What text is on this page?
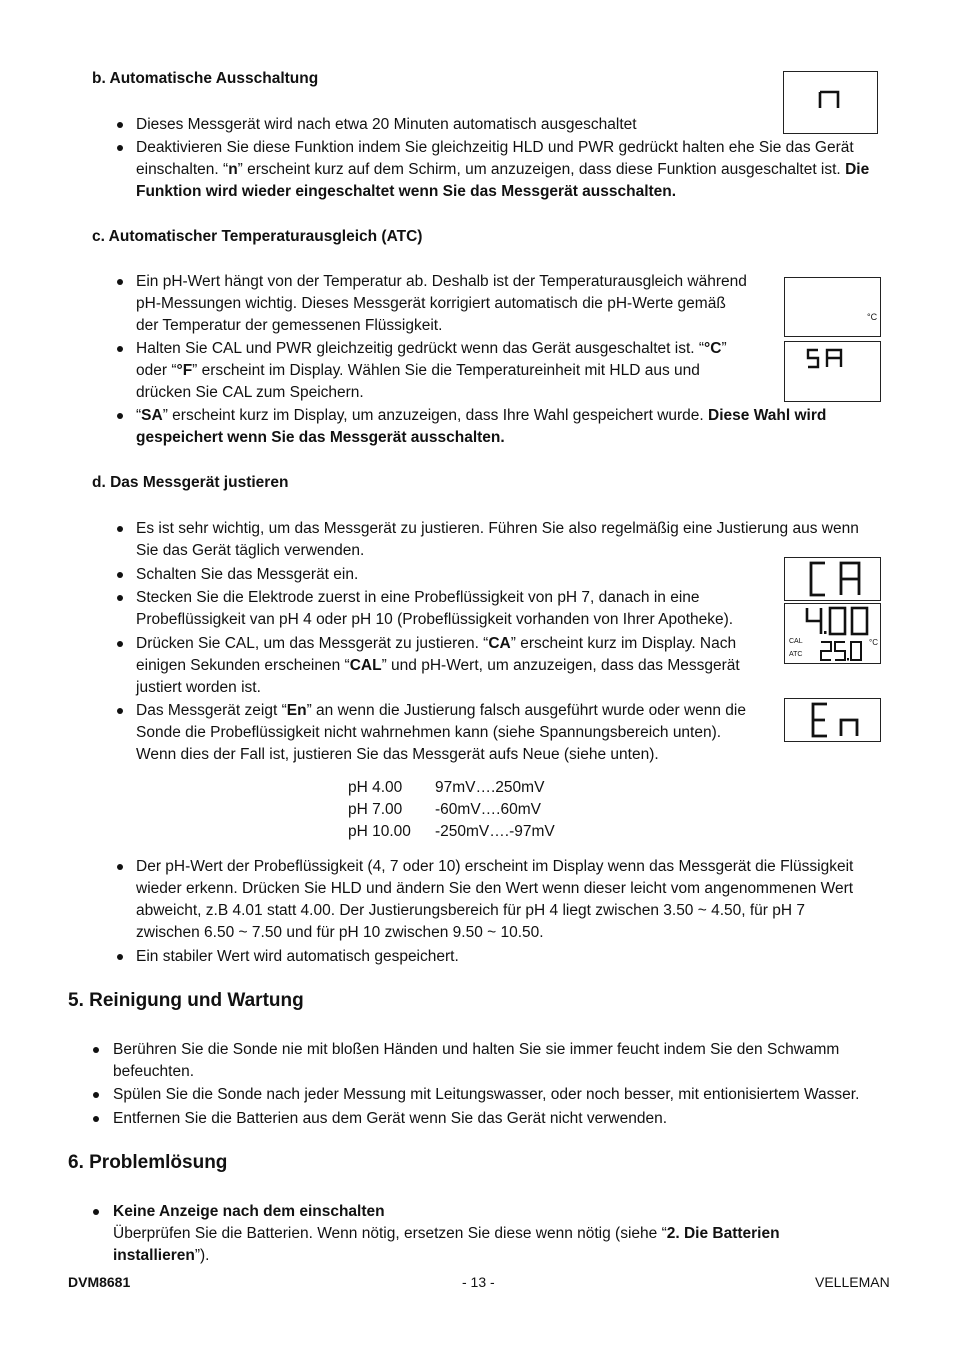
b. Automatische Ausschaltung
Dieses Messgerät wird nach etwa 20 Minuten automatisch ausgeschaltet
Deaktivieren Sie diese Funktion indem Sie gleichzeitig HLD und PWR gedrückt halten ehe Sie das Gerät
einschalten. “n” erscheint kurz auf dem Schirm, um anzuzeigen, dass diese Funktion ausgeschaltet ist. Die
Funktion wird wieder eingeschaltet wenn Sie das Messgerät ausschalten.
c. Automatischer Temperaturausgleich (ATC)
Ein pH-Wert hängt von der Temperatur ab. Deshalb ist der Temperaturausgleich während
pH-Messungen wichtig. Dieses Messgerät korrigiert automatisch die pH-Werte gemäß
der Temperatur der gemessenen Flüssigkeit.
Halten Sie CAL und PWR gleichzeitig gedrückt wenn das Gerät ausgeschaltet ist. “°C”
oder “°F” erscheint im Display. Wählen Sie die Temperatureinheit mit HLD aus und
drücken Sie CAL zum Speichern.
“SA” erscheint kurz im Display, um anzuzeigen, dass Ihre Wahl gespeichert wurde. Diese Wahl wird
gespeichert wenn Sie das Messgerät ausschalten.
°C
d. Das Messgerät justieren
Es ist sehr wichtig, um das Messgerät zu justieren. Führen Sie also regelmäßig eine Justierung aus wenn
Sie das Gerät täglich verwenden.
Schalten Sie das Messgerät ein.
Stecken Sie die Elektrode zuerst in eine Probeflüssigkeit von pH 7, danach in eine
Probeflüssigkeit van pH 4 oder pH 10 (Probeflüssigkeit vorhanden von Ihrer Apotheke).
Drücken Sie CAL, um das Messgerät zu justieren. “CA” erscheint kurz im Display. Nach
einigen Sekunden erscheinen “CAL” und pH-Wert, um anzuzeigen, dass das Messgerät
justiert worden ist.
Das Messgerät zeigt “En” an wenn die Justierung falsch ausgeführt wurde oder wenn die
Sonde die Probeflüssigkeit nicht wahrnehmen kann (siehe Spannungsbereich unten).
Wenn dies der Fall ist, justieren Sie das Messgerät aufs Neue (siehe unten).
pH 4.00 97mV….250mV
pH 7.00 -60mV….60mV
pH 10.00 -250mV….-97mV
Der pH-Wert der Probeflüssigkeit (4, 7 oder 10) erscheint im Display wenn das Messgerät die Flüssigkeit
wieder erkenn. Drücken Sie HLD und ändern Sie den Wert wenn dieser leicht vom angenommenen Wert
abweicht, z.B 4.01 statt 4.00. Der Justierungsbereich für pH 4 liegt zwischen 3.50 ~ 4.50, für pH 7
zwischen 6.50 ~ 7.50 und für pH 10 zwischen 9.50 ~ 10.50.
Ein stabiler Wert wird automatisch gespeichert.
CAL
ATC
°C
5. Reinigung und Wartung
Berühren Sie die Sonde nie mit bloßen Händen und halten Sie sie immer feucht indem Sie den Schwamm
befeuchten.
Spülen Sie die Sonde nach jeder Messung mit Leitungswasser, oder noch besser, mit entionisiertem Wasser.
Entfernen Sie die Batterien aus dem Gerät wenn Sie das Gerät nicht verwenden.
6. Problemlösung
Keine Anzeige nach dem einschalten
Überprüfen Sie die Batterien. Wenn nötig, ersetzen Sie diese wenn nötig (siehe “2. Die Batterien
installieren”).
DVM8681	- 13 -	VELLEMAN
